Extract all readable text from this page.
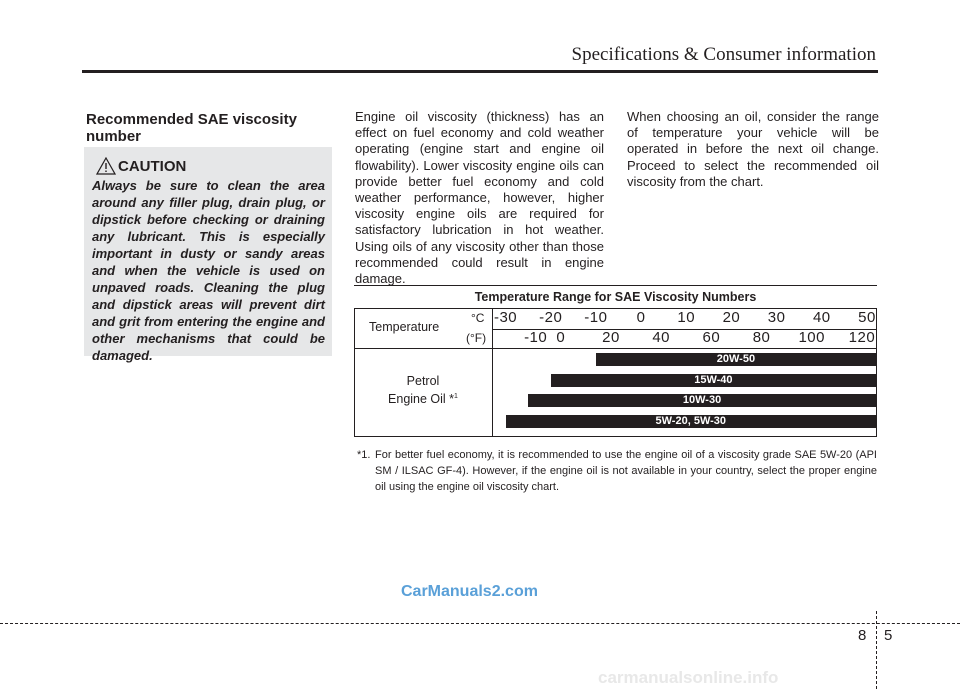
Specifications & Consumer information
Recommended SAE viscosity number
CAUTION

Always be sure to clean the area around any filler plug, drain plug, or dipstick before checking or draining any lubricant. This is especially important in dusty or sandy areas and when the vehicle is used on unpaved roads. Cleaning the plug and dipstick areas will prevent dirt and grit from entering the engine and other mechanisms that could be damaged.

Engine oil viscosity (thickness) has an effect on fuel economy and cold weather operating (engine start and engine oil flowability). Lower viscosity engine oils can provide better fuel economy and cold weather performance, however, higher viscosity engine oils are required for satisfactory lubrication in hot weather. Using oils of any viscosity other than those recommended could result in engine damage.

When choosing an oil, consider the range of temperature your vehicle will be operated in before the next oil change. Proceed to select the recommended oil viscosity from the chart.

Temperature Range for SAE Viscosity Numbers
Temperature
°C
(°F)
-30 -20 -10 0 10 20 30 40 50
-10 0 20 40 60 80 100 120
Petrol
Engine Oil *$^1$
20W-50
15W-40
10W-30
5W-20, 5W-30
*1. For better fuel economy, it is recommended to use the engine oil of a viscosity grade SAE 5W-20 (API SM / ILSAC GF-4). However, if the engine oil is not available in your country, select the proper engine oil using the engine oil viscosity chart.
CarManuals2.com
8 5
carmanualsonline.info
